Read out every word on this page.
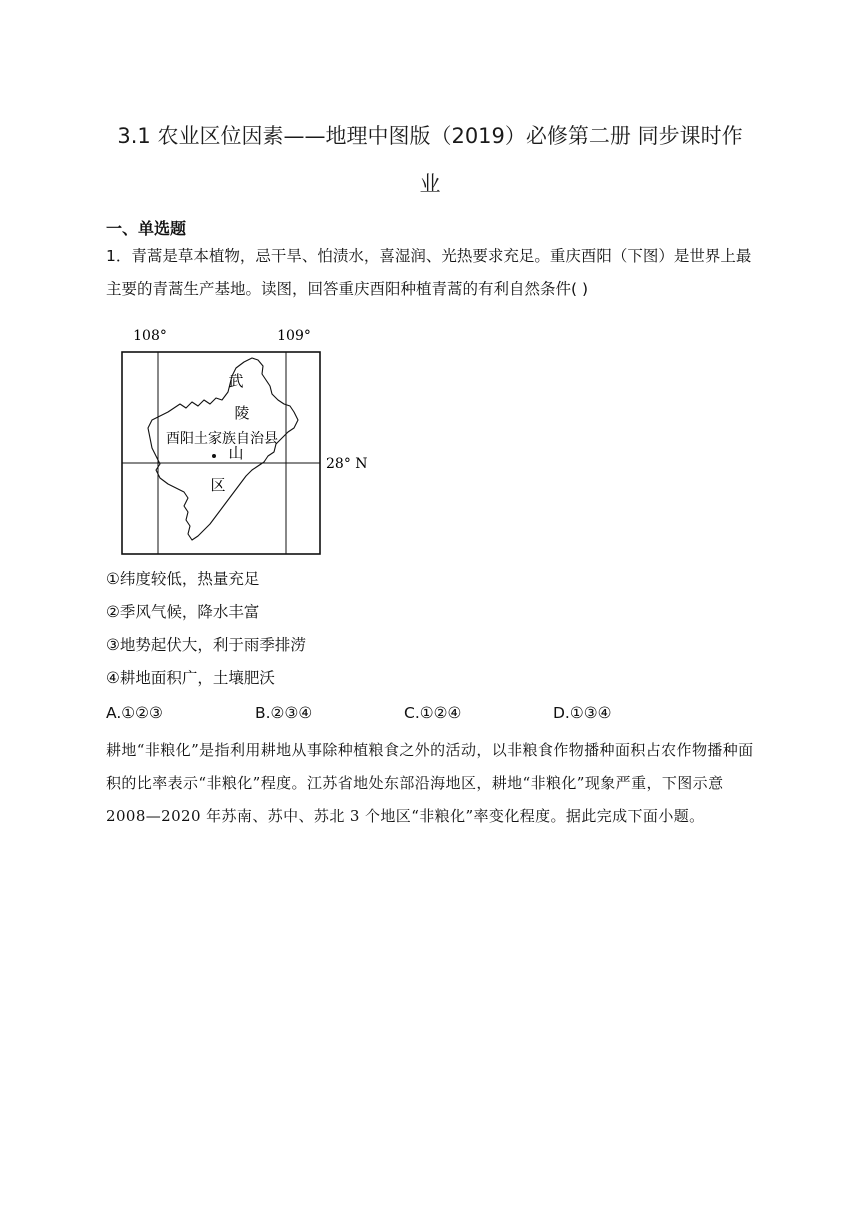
3.1 农业区位因素——地理中图版（2019）必修第二册 同步课时作
业
一、单选题
1．青蒿是草本植物，忌干旱、怕渍水，喜湿润、光热要求充足。重庆酉阳（下图）是世界上最主要的青蒿生产基地。读图，回答重庆酉阳种植青蒿的有利自然条件( )
108°	109°
28° N
武
陵
酉阳土家族自治县
山
区
①纬度较低，热量充足
②季风气候，降水丰富
③地势起伏大，利于雨季排涝
④耕地面积广，土壤肥沃
A.①②③	B.②③④	C.①②④	D.①③④
耕地“非粮化”是指利用耕地从事除种植粮食之外的活动，以非粮食作物播种面积占农作物播种面积的比率表示“非粮化”程度。江苏省地处东部沿海地区，耕地“非粮化”现象严重，下图示意 2008—2020 年苏南、苏中、苏北 3 个地区“非粮化”率变化程度。据此完成下面小题。
